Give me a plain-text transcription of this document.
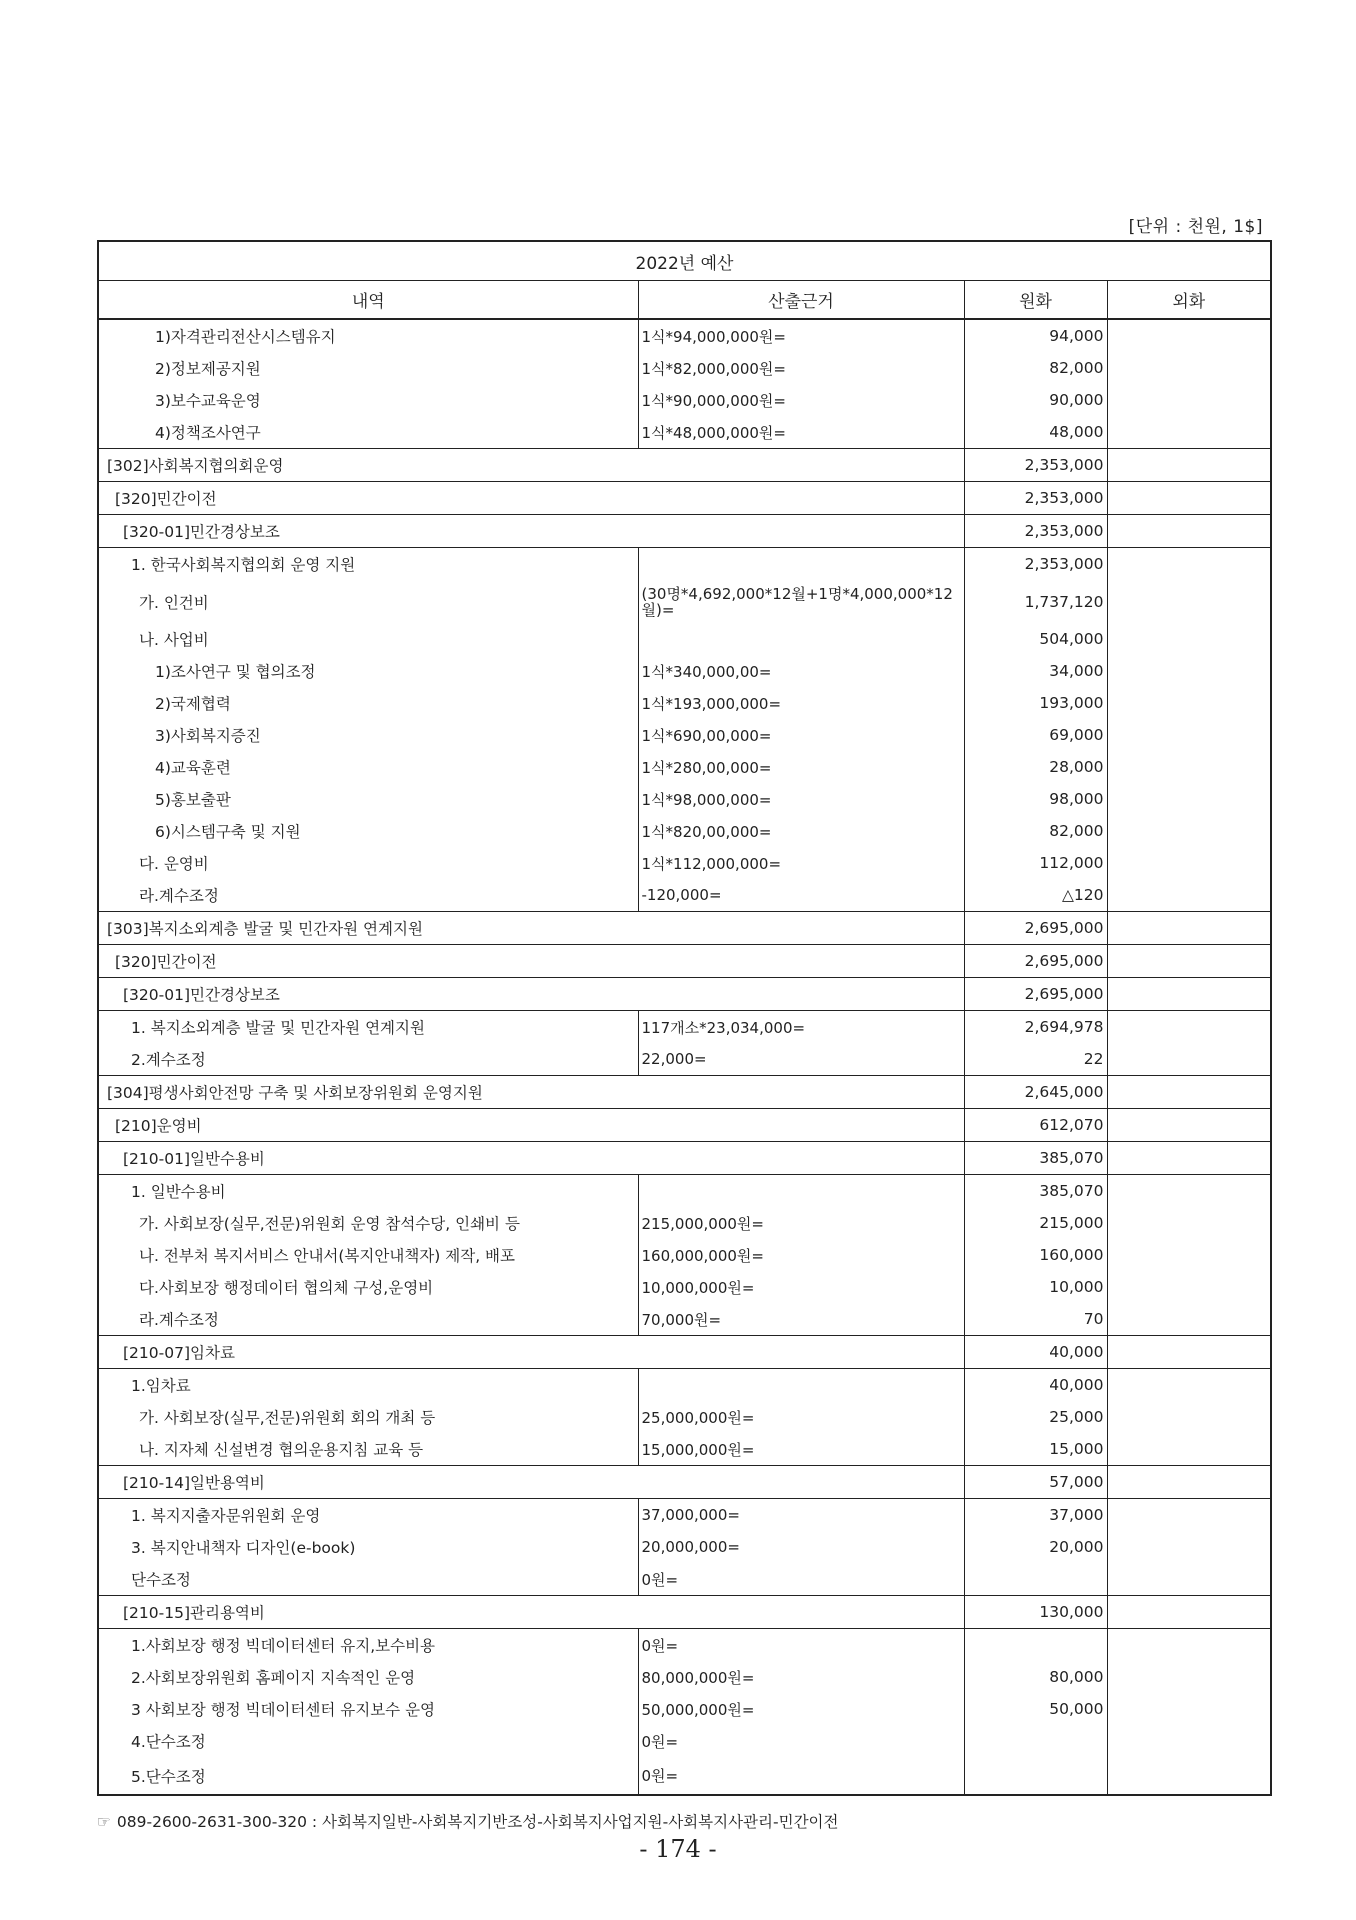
[단위 : 천원, 1$]
2022년 예산			
내역	산출근거	원화	외화
1)자격관리전산시스템유지	1식*94,000,000원=	94,000	
2)정보제공지원	1식*82,000,000원=	82,000	
3)보수교육운영	1식*90,000,000원=	90,000	
4)정책조사연구	1식*48,000,000원=	48,000	
[302]사회복지협의회운영		2,353,000	
[320]민간이전		2,353,000	
[320-01]민간경상보조		2,353,000	
1. 한국사회복지협의회 운영 지원		2,353,000	
가. 인건비	(30명*4,692,000*12월+1명*4,000,000*12월)=	1,737,120	
나. 사업비		504,000	
1)조사연구 및 협의조정	1식*340,000,00=	34,000	
2)국제협력	1식*193,000,000=	193,000	
3)사회복지증진	1식*690,00,000=	69,000	
4)교육훈련	1식*280,00,000=	28,000	
5)홍보출판	1식*98,000,000=	98,000	
6)시스템구축 및 지원	1식*820,00,000=	82,000	
다. 운영비	1식*112,000,000=	112,000	
라.계수조정	-120,000=	△120	
[303]복지소외계층 발굴 및 민간자원 연계지원		2,695,000	
[320]민간이전		2,695,000	
[320-01]민간경상보조		2,695,000	
1. 복지소외계층 발굴 및 민간자원 연계지원	117개소*23,034,000=	2,694,978	
2.계수조정	22,000=	22	
[304]평생사회안전망 구축 및 사회보장위원회 운영지원		2,645,000	
[210]운영비		612,070	
[210-01]일반수용비		385,070	
1. 일반수용비		385,070	
가. 사회보장(실무,전문)위원회 운영 참석수당, 인쇄비 등	215,000,000원=	215,000	
나. 전부처 복지서비스 안내서(복지안내책자) 제작, 배포	160,000,000원=	160,000	
다.사회보장 행정데이터 협의체 구성,운영비	10,000,000원=	10,000	
라.계수조정	70,000원=	70	
[210-07]임차료		40,000	
1.임차료		40,000	
가. 사회보장(실무,전문)위원회 회의 개최 등	25,000,000원=	25,000	
나. 지자체 신설변경 협의운용지침 교육 등	15,000,000원=	15,000	
[210-14]일반용역비		57,000	
1. 복지지출자문위원회 운영	37,000,000=	37,000	
3. 복지안내책자 디자인(e-book)	20,000,000=	20,000	
단수조정	0원=		
[210-15]관리용역비		130,000	
1.사회보장 행정 빅데이터센터 유지,보수비용	0원=		
2.사회보장위원회 홈페이지 지속적인 운영	80,000,000원=	80,000	
3 사회보장 행정 빅데이터센터 유지보수 운영	50,000,000원=	50,000	
4.단수조정	0원=		
5.단수조정	0원=		
☞ 089-2600-2631-300-320 : 사회복지일반-사회복지기반조성-사회복지사업지원-사회복지사관리-민간이전
- 174 -
